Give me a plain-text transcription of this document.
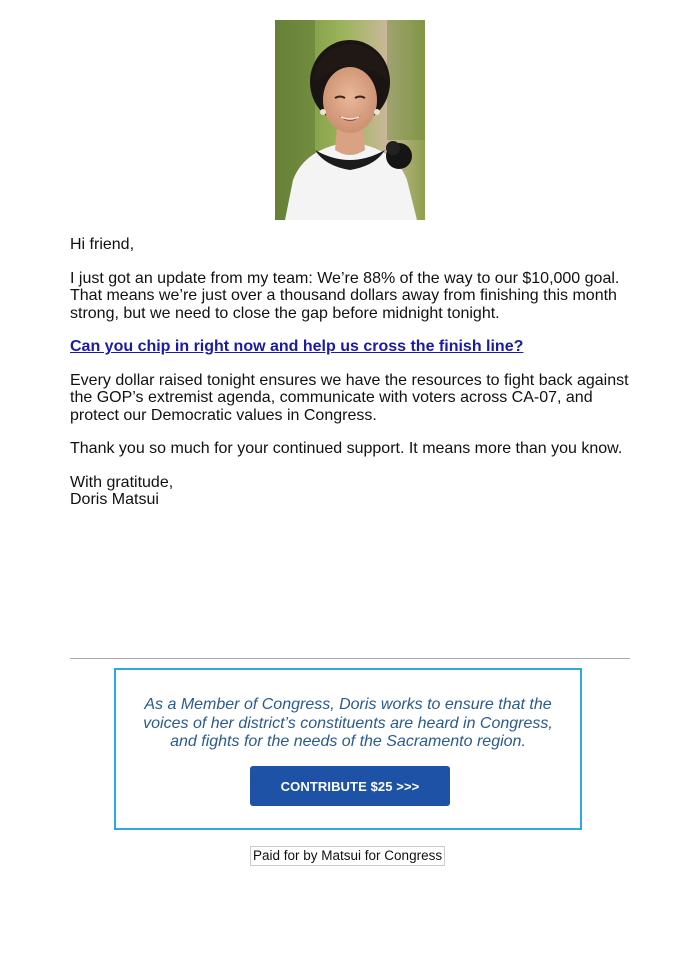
Hi friend,

I just got an update from my team: We’re 88% of the way to our $10,000 goal. That means we’re just over a thousand dollars away from finishing this month strong, but we need to close the gap before midnight tonight.

Can you chip in right now and help us cross the finish line?

Every dollar raised tonight ensures we have the resources to fight back against the GOP’s extremist agenda, communicate with voters across CA-07, and protect our Democratic values in Congress.

Thank you so much for your continued support. It means more than you know.

With gratitude,
Doris Matsui

As a Member of Congress, Doris works to ensure that the voices of her district’s constituents are heard in Congress, and fights for the needs of the Sacramento region.
CONTRIBUTE $25 >>>
Paid for by Matsui for Congress
